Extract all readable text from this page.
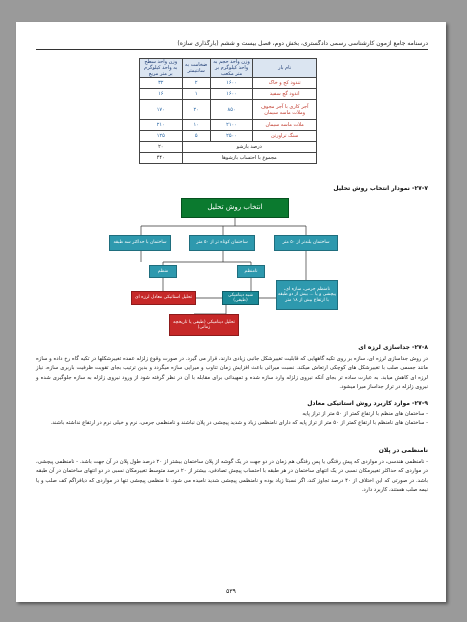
درسنامه جامع آزمون کارشناسی رسمی دادگستری، بخش دوم، فصل بیست و ششم (بارگذاری سازه)
نام بار	وزن واحد حجم به واحد کیلوگرم بر متر مکعب	ضخامت به سانتیمتر	وزن واحد سطح به واحد کیلوگرم بر متر مربع
تندود کج و خاک	۱۶۰۰	۲	۳۲
اندود گچ سفید	۱۶۰۰	۱	۱۶
آجر کاری با آجر مجوف وملات ماسه سیمان	۸۵۰	۲۰	۱۷۰
ملات ماسه سیمان	۲۱۰۰	۱۰	۲۱۰
سنگ تراورتن	۲۵۰۰	۵	۱۲۵
درصد بازشو			۲۰
مجموع با احتساب بازشوها			۴۴۰
۲۷-۷- نمودار انتخاب روش تحلیل
انتخاب روش تحلیل
ساختمان بلندتر از ۵۰ متر
ساختمان کوتاه تر از ۵۰ متر
ساختمان با حداکثر سه طبقه
نامنظم
منظم
تحلیل استاتیکی معادل لرزه ای
شبه دینامیکی (طیفی)
نامنظم جرمی، سازه ای، پیچشی و یا ... بیش از دو طبقه با ارتفاع بیش از ۱۸ متر
تحلیل دینامیکی (طیفی یا تاریخچه زمانی)
۲۷-۸- جداسازی لرزه ای
در روش جداسازی لرزه ای، سازه بر روی تکیه گاههایی که قابلیت تغییرشکل جانبی زیادی دارند، قرار می گیرد. در صورت وقوع زلزله عمده تغییرشکلها در تکیه گاه رخ داده و سازه مانند جسمی صلب با تغییرشکل های کوچکی ارتعاش میکند. نسبت میرائی باعث افزایش زمان تناوب و میرایی سازه میگردد و بدین ترتیب بجای تقویت ظرفیت باربری سازه، نیاز لرزه ای کاهش میابد. به عبارت ساده تر بجای آنکه نیروی زلزله وارد سازه شده و تمهیداتی برای مقابله با آن در نظر گرفته شود از ورود نیروی زلزله به سازه جلوگیری شده و نیروی زلزله در تراز جداساز میرا میشود.
۲۷-۹- موارد کاربرد روش استاتیکی معادل
- ساختمان های منظم با ارتفاع کمتر از ۵۰ متر از تراز پایه
- ساختمان های نامنظم با ارتفاع کمتر از ۵۰ متر از تراز پایه که دارای نامنظمی زیاد و شدید پیچشی در پلان نباشند و نامنظمی جرمی، نرم و خیلی نرم در ارتفاع نداشته باشند.
نامنظمی در پلان
- نامنظمی هندسی، در مواردی که پیش رفتگی یا پس رفتگی هم زمان در دو جهت در یک گوشه از پلان ساختمان بیشتر از ۲۰ درصد طول پلان در آن جهت باشد. - نامنظمی پیچشی، در مواردی که حداکثر تغییرمکان نسبی در یک انتهای ساختمان در هر طبقه با احتساب پیچش تصادفی، بیشتر از ۲۰ درصد متوسط تغییرمکان نسبی در دو انتهای ساختمان در آن طبقه باشد. در صورتی که این اختلاف از ۴۰ درصد تجاوز کند، اگر نسبتا زیاد بوده و نامنظمی پیچشی شدید نامیده می شود. نا منظمی پیچشی تنها در مواردی که دیافراگم کف صلب و یا نیمه صلب هستند، کاربرد دارد.
۵۳۹
